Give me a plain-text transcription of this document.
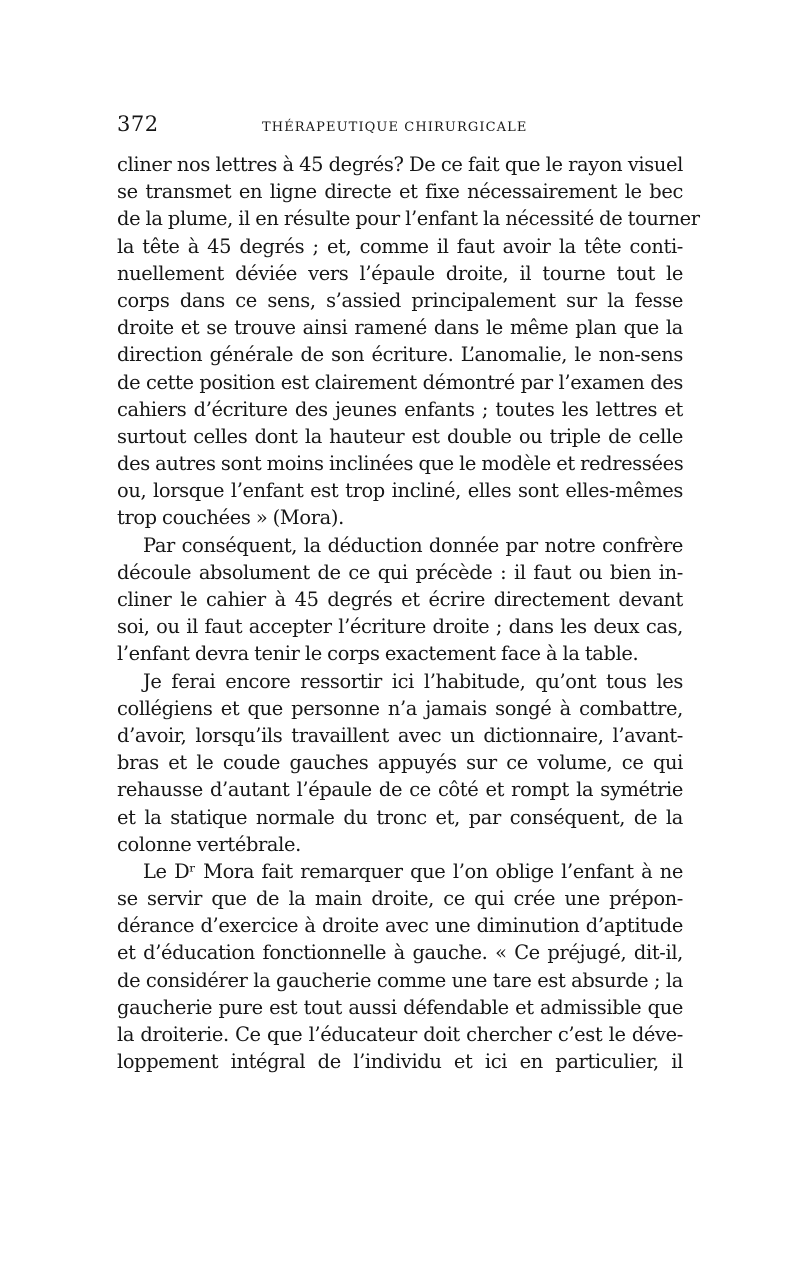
372	THÉRAPEUTIQUE CHIRURGICALE
cliner nos lettres à 45 degrés? De ce fait que le rayon visuel
se transmet en ligne directe et fixe nécessairement le bec
de la plume, il en résulte pour l’enfant la nécessité de tourner
la tête à 45 degrés ; et, comme il faut avoir la tête conti-
nuellement déviée vers l’épaule droite, il tourne tout le
corps dans ce sens, s’assied principalement sur la fesse
droite et se trouve ainsi ramené dans le même plan que la
direction générale de son écriture. L’anomalie, le non-sens
de cette position est clairement démontré par l’examen des
cahiers d’écriture des jeunes enfants ; toutes les lettres et
surtout celles dont la hauteur est double ou triple de celle
des autres sont moins inclinées que le modèle et redressées
ou, lorsque l’enfant est trop incliné, elles sont elles-mêmes
trop couchées » (Mora).
Par conséquent, la déduction donnée par notre confrère
découle absolument de ce qui précède : il faut ou bien in-
cliner le cahier à 45 degrés et écrire directement devant
soi, ou il faut accepter l’écriture droite ; dans les deux cas,
l’enfant devra tenir le corps exactement face à la table.
Je ferai encore ressortir ici l’habitude, qu’ont tous les
collégiens et que personne n’a jamais songé à combattre,
d’avoir, lorsqu’ils travaillent avec un dictionnaire, l’avant-
bras et le coude gauches appuyés sur ce volume, ce qui
rehausse d’autant l’épaule de ce côté et rompt la symétrie
et la statique normale du tronc et, par conséquent, de la
colonne vertébrale.
Le Dʳ Mora fait remarquer que l’on oblige l’enfant à ne
se servir que de la main droite, ce qui crée une prépon-
dérance d’exercice à droite avec une diminution d’aptitude
et d’éducation fonctionnelle à gauche. « Ce préjugé, dit-il,
de considérer la gaucherie comme une tare est absurde ; la
gaucherie pure est tout aussi défendable et admissible que
la droiterie. Ce que l’éducateur doit chercher c’est le déve-
loppement intégral de l’individu et ici en particulier, il
